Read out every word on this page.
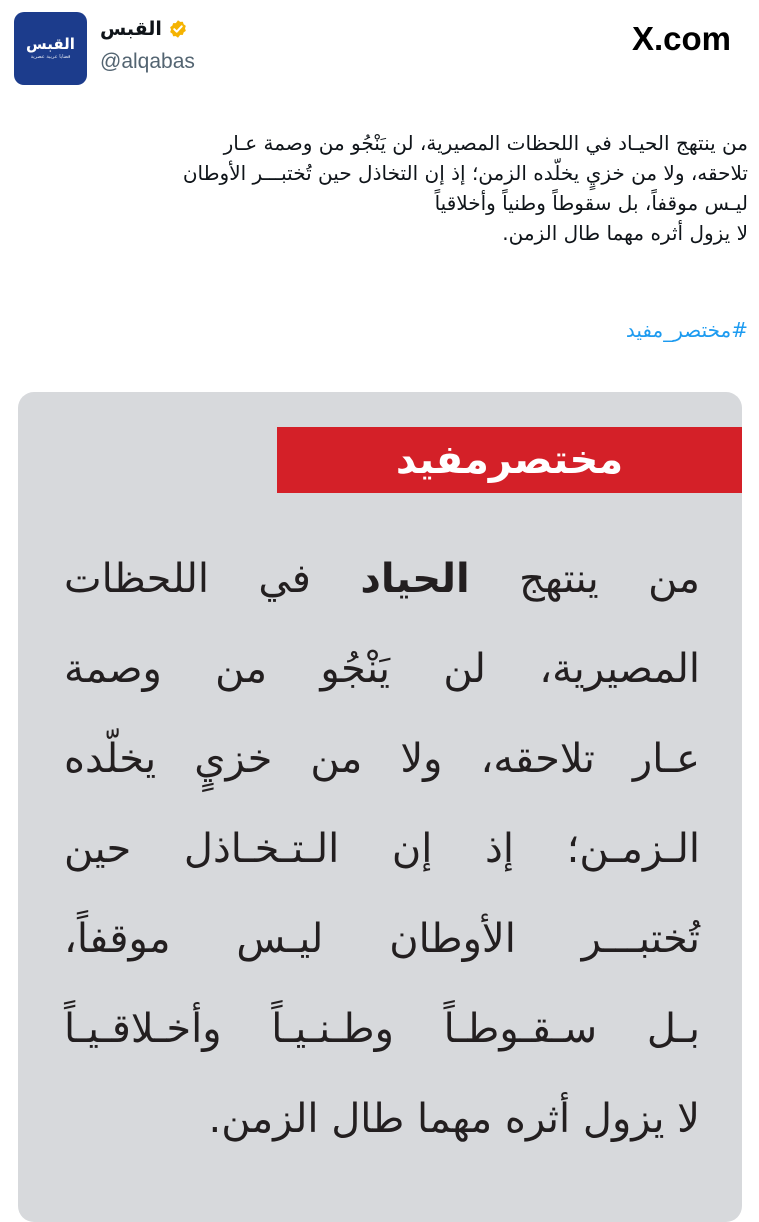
القبس
قضايا عربية عصرية
القبس
@alqabas
X.com
من ينتهج الحيـاد في اللحظات المصيرية، لن يَنْجُو من وصمة عـار
تلاحقه، ولا من خزيٍ يخلّده الزمن؛ إذ إن التخاذل حين تُختبـــر الأوطان
ليـس موقفاً، بل سقوطاً وطنياً وأخلاقياً
لا يزول أثره مهما طال الزمن.
#مختصر_مفيد
مختصرمفيد
من ينتهج الحياد في اللحظات
المصيرية، لن يَنْجُو من وصمة
عـار تلاحقه، ولا من خزيٍ يخلّده
الـزمـن؛ إذ إن الـتـخـاذل حين
تُختبـــر الأوطان ليـس موقفاً،
بـل سـقـوطـاً وطـنـيـاً وأخـلاقـيـاً
لا يزول أثره مهما طال الزمن.
